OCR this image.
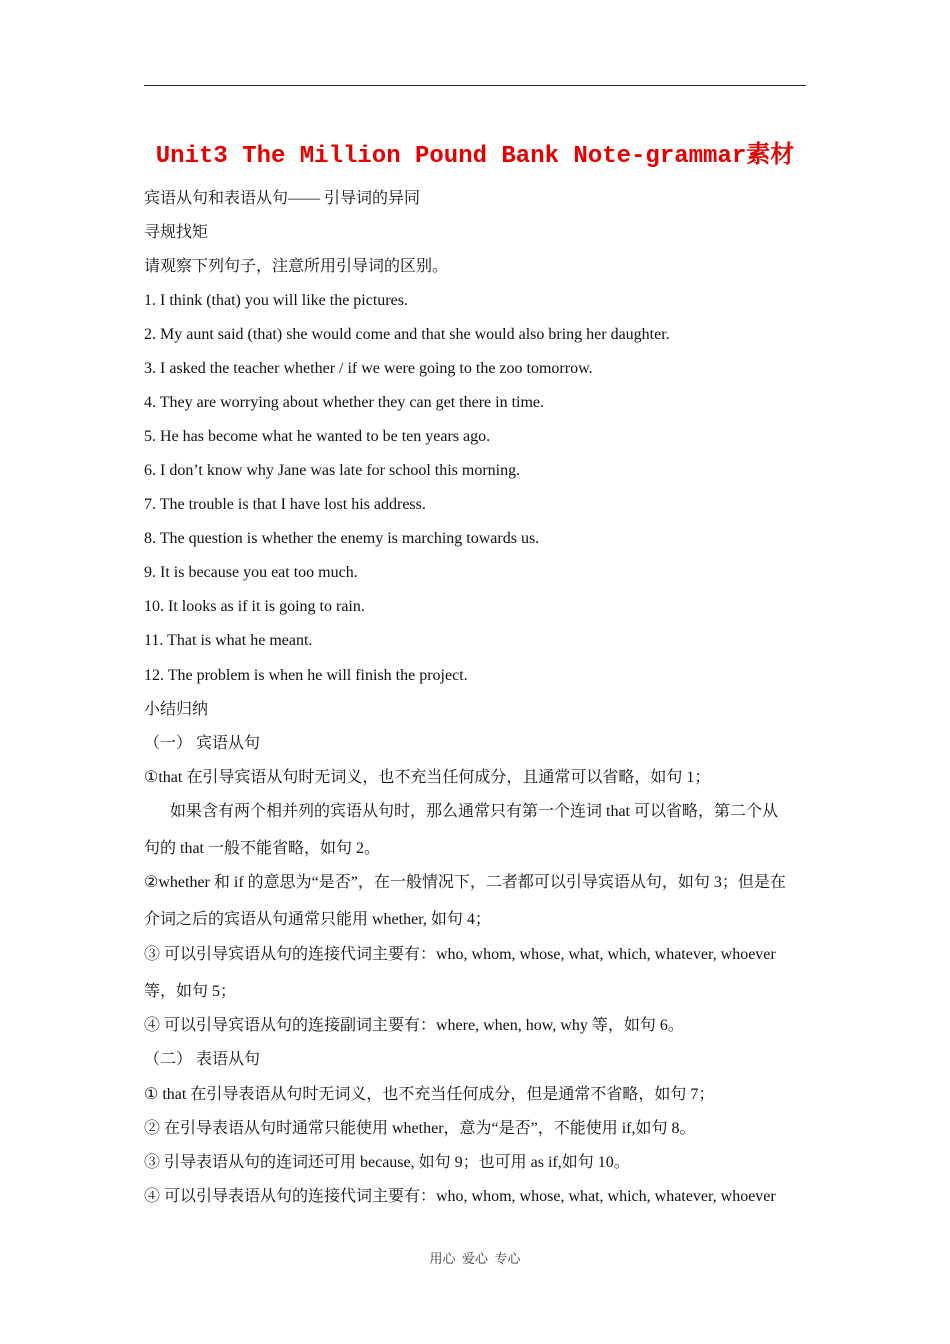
Unit3 The Million Pound Bank Note-grammar素材
宾语从句和表语从句—— 引导词的异同
寻规找矩
请观察下列句子，注意所用引导词的区别。
1. I think (that) you will like the pictures.
2. My aunt said (that) she would come and that she would also bring her daughter.
3. I asked the teacher whether / if we were going to the zoo tomorrow.
4. They are worrying about whether they can get there in time.
5. He has become what he wanted to be ten years ago.
6. I don’t know why Jane was late for school this morning.
7. The trouble is that I have lost his address.
8. The question is whether the enemy is marching towards us.
9. It is because you eat too much.
10. It looks as if it is going to rain.
11. That is what he meant.
12. The problem is when he will finish the project.
小结归纳
（一） 宾语从句
①that 在引导宾语从句时无词义，也不充当任何成分，且通常可以省略，如句 1；
如果含有两个相并列的宾语从句时，那么通常只有第一个连词 that 可以省略，第二个从
句的 that 一般不能省略，如句 2。
②whether 和 if 的意思为“是否”，在一般情况下，二者都可以引导宾语从句，如句 3；但是在
介词之后的宾语从句通常只能用 whether, 如句 4；
③ 可以引导宾语从句的连接代词主要有：who, whom, whose, what, which, whatever, whoever
等，如句 5；
④ 可以引导宾语从句的连接副词主要有：where, when, how, why 等，如句 6。
（二） 表语从句
① that 在引导表语从句时无词义，也不充当任何成分，但是通常不省略，如句 7；
② 在引导表语从句时通常只能使用 whether，意为“是否”，不能使用 if,如句 8。
③ 引导表语从句的连词还可用 because, 如句 9；也可用 as if,如句 10。
④ 可以引导表语从句的连接代词主要有：who, whom, whose, what, which, whatever, whoever
用心  爱心  专心
